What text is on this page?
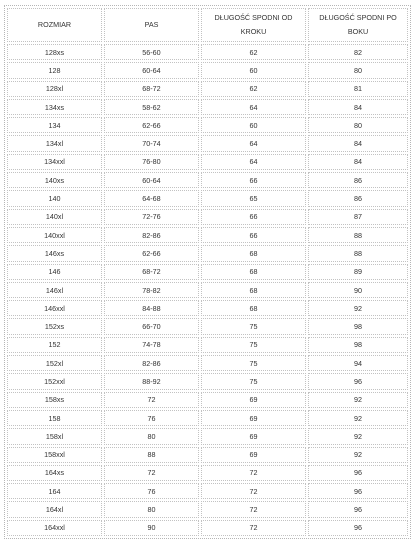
ROZMIAR	PAS	DŁUGOŚĆ SPODNI OD KROKU	DŁUGOŚĆ SPODNI PO BOKU
128xs	56-60	62	82
128	60-64	60	80
128xl	68-72	62	81
134xs	58-62	64	84
134	62-66	60	80
134xl	70-74	64	84
134xxl	76-80	64	84
140xs	60-64	66	86
140	64-68	65	86
140xl	72-76	66	87
140xxl	82-86	66	88
146xs	62-66	68	88
146	68-72	68	89
146xl	78-82	68	90
146xxl	84-88	68	92
152xs	66-70	75	98
152	74-78	75	98
152xl	82-86	75	94
152xxl	88-92	75	96
158xs	72	69	92
158	76	69	92
158xl	80	69	92
158xxl	88	69	92
164xs	72	72	96
164	76	72	96
164xl	80	72	96
164xxl	90	72	96
